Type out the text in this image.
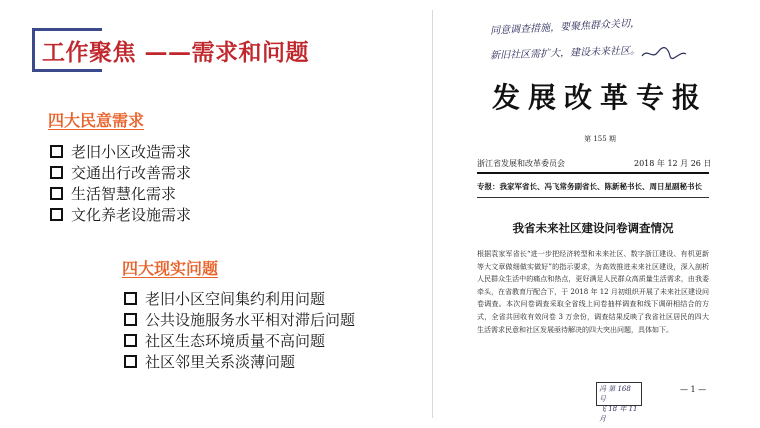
工作聚焦 ——需求和问题
四大民意需求
老旧小区改造需求
交通出行改善需求
生活智慧化需求
文化养老设施需求
四大现实问题
老旧小区空间集约利用问题
公共设施服务水平相对滞后问题
社区生态环境质量不高问题
社区邻里关系淡薄问题
同意调查措施，要聚焦群众关切，
新旧社区需扩大，建设未来社区。
发展改革专报
第 155 期
浙江省发展和改革委员会	2018 年 12 月 26 日
专报：我家军省长、冯飞常务副省长、陈新秘书长、周日星副秘书长
我省未来社区建设问卷调查情况
根据袁家军省长“进一步把经济转型和未来社区、数字浙江建设、有机更新等大文章做细做实做好”的指示要求，为高效推进未来社区建设，深入剖析人民群众生活中的痛点和热点，更好满足人民群众高质量生活需求，由我委牵头，在省教育厅配合下，于 2018 年 12 月初组织开展了未来社区建设问卷调查。本次问卷调查采取全省线上问卷抽样调查和线下调研相结合的方式，全省共回收有效问卷 3 万余份，调查结果反映了我省社区居民的四大生活需求民意和社区发展亟待解决的四大突出问题，具体如下。
冯 第 168 号
飞 18 年 11 月
— 1 —
